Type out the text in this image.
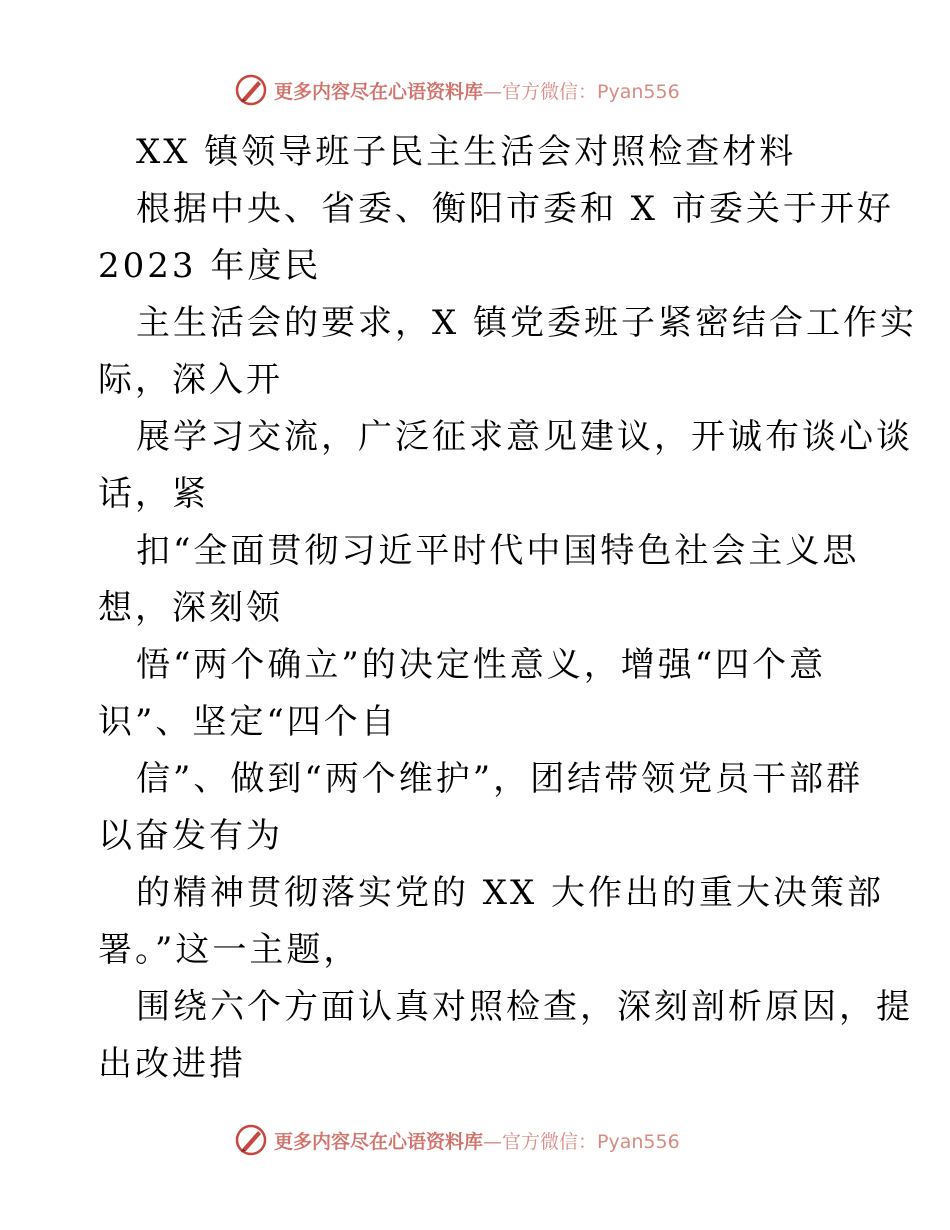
更多内容尽在心语资料库—官方微信：Pyan556
XX 镇领导班子民主生活会对照检查材料
根据中央、省委、衡阳市委和 X 市委关于开好
2023 年度民
主生活会的要求，X 镇党委班子紧密结合工作实
际，深入开
展学习交流，广泛征求意见建议，开诚布谈心谈
话，紧
扣“全面贯彻习近平时代中国特色社会主义思
想，深刻领
悟“两个确立”的决定性意义，增强“四个意
识”、坚定“四个自
信”、做到“两个维护”，团结带领党员干部群
以奋发有为
的精神贯彻落实党的 XX 大作出的重大决策部
署。”这一主题，
围绕六个方面认真对照检查，深刻剖析原因，提
出改进措
更多内容尽在心语资料库—官方微信：Pyan556
